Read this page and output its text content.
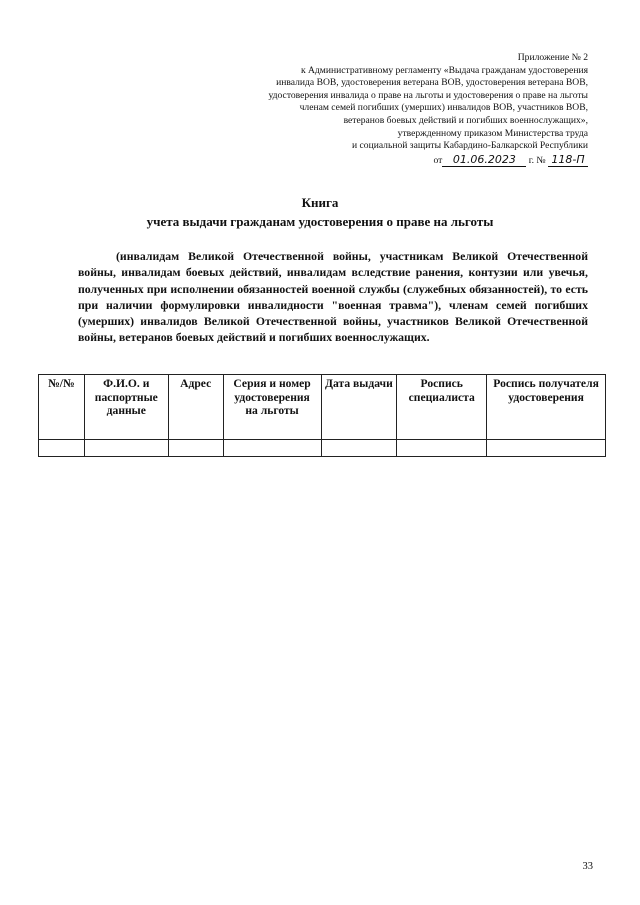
Приложение № 2
к Административному регламенту «Выдача гражданам удостоверения
инвалида ВОВ, удостоверения ветерана ВОВ, удостоверения ветерана ВОВ,
удостоверения инвалида о праве на льготы и удостоверения о праве на льготы
членам семей погибших (умерших) инвалидов ВОВ, участников ВОВ,
ветеранов боевых действий и погибших военнослужащих»,
утвержденному приказом Министерства труда
и социальной защиты Кабардино-Балкарской Республики
от 01.06.2023 г. № 118-П
Книга
учета выдачи гражданам удостоверения о праве на льготы
(инвалидам Великой Отечественной войны, участникам Великой Отечественной войны, инвалидам боевых действий, инвалидам вследствие ранения, контузии или увечья, полученных при исполнении обязанностей военной службы (служебных обязанностей), то есть при наличии формулировки инвалидности "военная травма"), членам семей погибших (умерших) инвалидов Великой Отечественной войны, участников Великой Отечественной войны, ветеранов боевых действий и погибших военнослужащих.
№/№	Ф.И.О. и паспортные данные	Адрес	Серия и номер удостоверения на льготы	Дата выдачи	Роспись специалиста	Роспись получателя удостоверения

33
